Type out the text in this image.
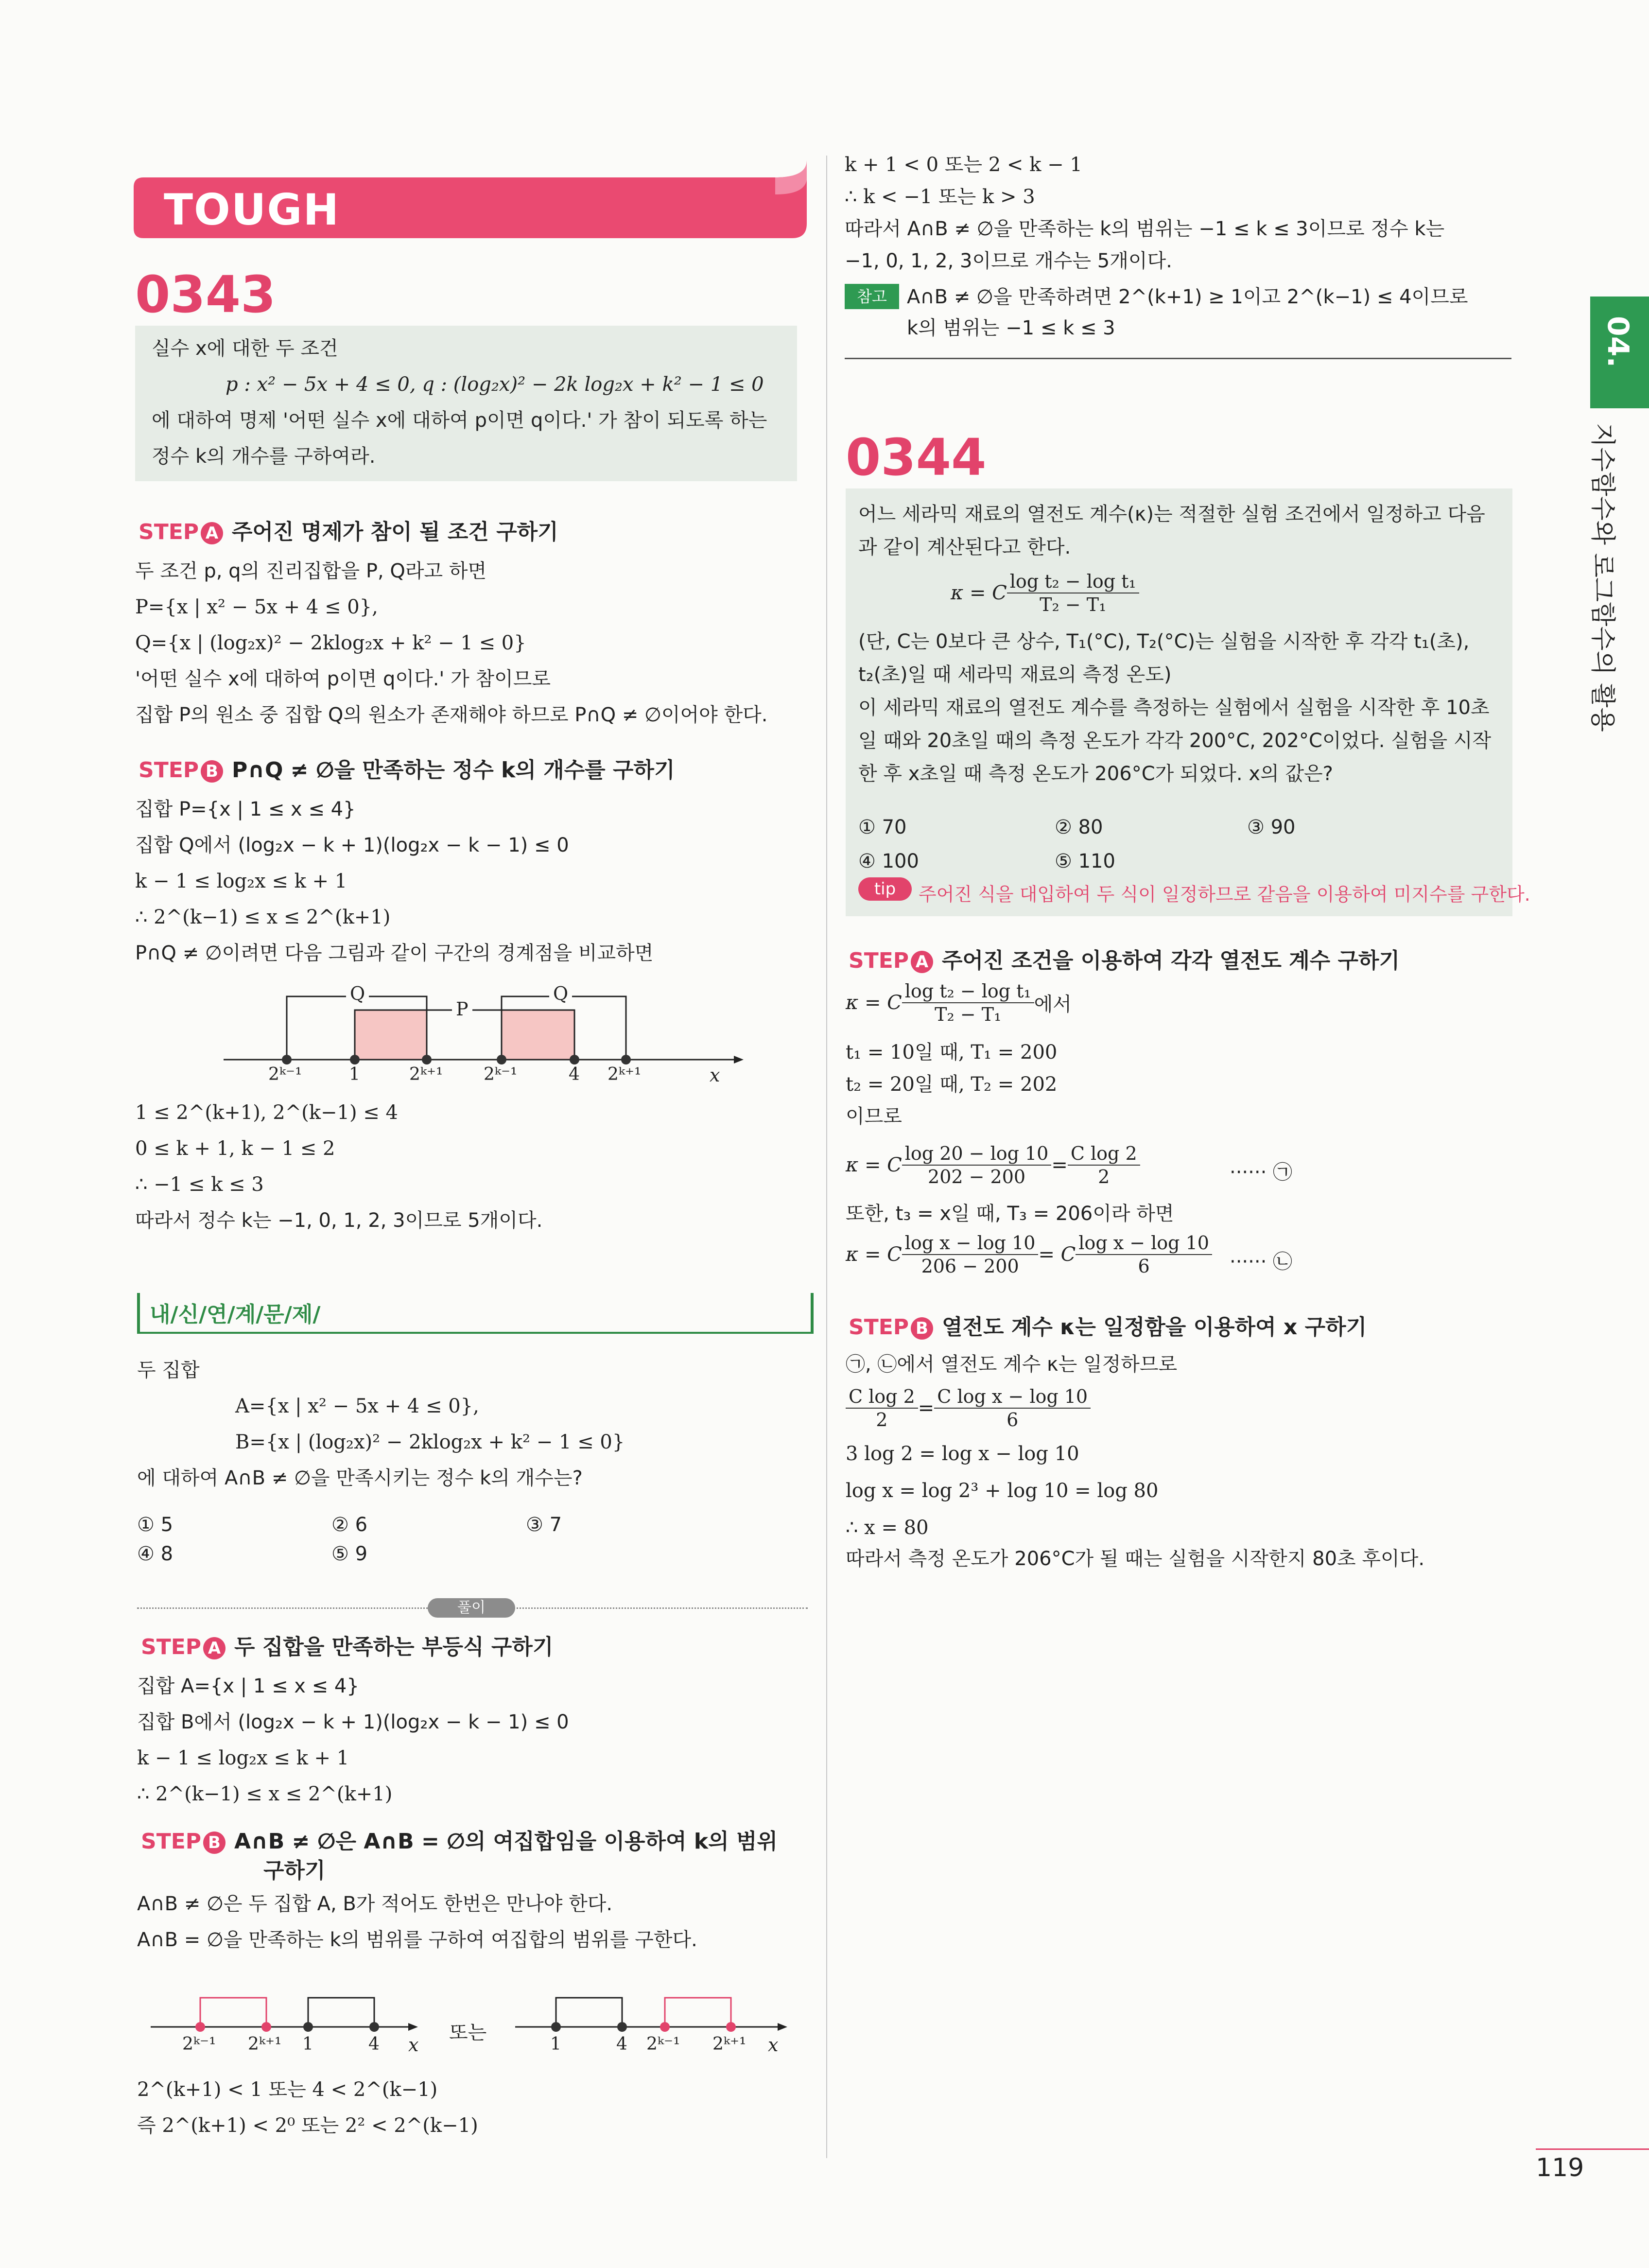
TOUGH
0343
실수 x에 대한 두 조건
p : x² − 5x + 4 ≤ 0, q : (log₂x)² − 2k log₂x + k² − 1 ≤ 0
에 대하여 명제 '어떤 실수 x에 대하여 p이면 q이다.' 가 참이 되도록 하는
정수 k의 개수를 구하여라.
STEP A 주어진 명제가 참이 될 조건 구하기
두 조건 p, q의 진리집합을 P, Q라고 하면
P={x | x² − 5x + 4 ≤ 0},
Q={x | (log₂x)² − 2klog₂x + k² − 1 ≤ 0}
'어떤 실수 x에 대하여 p이면 q이다.' 가 참이므로
집합 P의 원소 중 집합 Q의 원소가 존재해야 하므로 P∩Q ≠ ∅이어야 한다.
STEP B P∩Q ≠ ∅을 만족하는 정수 k의 개수를 구하기
집합 P={x | 1 ≤ x ≤ 4}
집합 Q에서 (log₂x − k + 1)(log₂x − k − 1) ≤ 0
k − 1 ≤ log₂x ≤ k + 1
∴ 2^(k−1) ≤ x ≤ 2^(k+1)
P∩Q ≠ ∅이려면 다음 그림과 같이 구간의 경계점을 비교하면
Q
P
Q
2ᵏ⁻¹	1	2ᵏ⁺¹ 2ᵏ⁻¹	4 2ᵏ⁺¹	x
1 ≤ 2^(k+1), 2^(k−1) ≤ 4
0 ≤ k + 1, k − 1 ≤ 2
∴ −1 ≤ k ≤ 3
따라서 정수 k는 −1, 0, 1, 2, 3이므로 5개이다.
내/신/연/계/문/제/
두 집합
A={x | x² − 5x + 4 ≤ 0},
B={x | (log₂x)² − 2klog₂x + k² − 1 ≤ 0}
에 대하여 A∩B ≠ ∅을 만족시키는 정수 k의 개수는?
① 5	② 6	③ 7
④ 8	⑤ 9
풀이
STEP A 두 집합을 만족하는 부등식 구하기
집합 A={x | 1 ≤ x ≤ 4}
집합 B에서 (log₂x − k + 1)(log₂x − k − 1) ≤ 0
k − 1 ≤ log₂x ≤ k + 1
∴ 2^(k−1) ≤ x ≤ 2^(k+1)
STEP B A∩B ≠ ∅은 A∩B = ∅의 여집합임을 이용하여 k의 범위
구하기
A∩B ≠ ∅은 두 집합 A, B가 적어도 한번은 만나야 한다.
A∩B = ∅을 만족하는 k의 범위를 구하여 여집합의 범위를 구한다.
2ᵏ⁻¹ 2ᵏ⁺¹ 1	4 x
또는
1	4 2ᵏ⁻¹ 2ᵏ⁺¹ x
2^(k+1) < 1 또는 4 < 2^(k−1)
즉 2^(k+1) < 2⁰ 또는 2² < 2^(k−1)
k + 1 < 0 또는 2 < k − 1
∴ k < −1 또는 k > 3
따라서 A∩B ≠ ∅을 만족하는 k의 범위는 −1 ≤ k ≤ 3이므로 정수 k는
−1, 0, 1, 2, 3이므로 개수는 5개이다.
참고	A∩B ≠ ∅을 만족하려면 2^(k+1) ≥ 1이고 2^(k−1) ≤ 4이므로
k의 범위는 −1 ≤ k ≤ 3
0344
어느 세라믹 재료의 열전도 계수(κ)는 적절한 실험 조건에서 일정하고 다음
과 같이 계산된다고 한다.
κ = C $\frac{\text{log t₂ − log t₁}}{\text{T₂ − T₁}}$
(단, C는 0보다 큰 상수, T₁(°C), T₂(°C)는 실험을 시작한 후 각각 t₁(초),
t₂(초)일 때 세라믹 재료의 측정 온도)
이 세라믹 재료의 열전도 계수를 측정하는 실험에서 실험을 시작한 후 10초
일 때와 20초일 때의 측정 온도가 각각 200°C, 202°C이었다. 실험을 시작
한 후 x초일 때 측정 온도가 206°C가 되었다. x의 값은?
① 70	② 80	③ 90
④ 100	⑤ 110
tip	주어진 식을 대입하여 두 식이 일정하므로 같음을 이용하여 미지수를 구한다.
STEP A 주어진 조건을 이용하여 각각 열전도 계수 구하기
κ = C $\frac{\text{log t₂ − log t₁}}{\text{T₂ − T₁}}$ 에서
t₁ = 10일 때, T₁ = 200
t₂ = 20일 때, T₂ = 202
이므로
κ = C $\frac{\log 20 - \log 10}{202 - 200} = \frac{\text{C log 2}}{2}$	······ ㉠
또한, t₃ = x일 때, T₃ = 206이라 하면
κ = C $\frac{\text{log x − log 10}}{206 - 200} = C \frac{\text{log x − log 10}}{6}$ ······ ㉡
STEP B 열전도 계수 κ는 일정함을 이용하여 x 구하기
㉠, ㉡에서 열전도 계수 κ는 일정하므로
$\frac{\text{C log 2}}{2} = \frac{\text{C log x − log 10}}{6}$
3 log 2 = log x − log 10
log x = log 2³ + log 10 = log 80
∴ x = 80
따라서 측정 온도가 206°C가 될 때는 실험을 시작한지 80초 후이다.
04.
지수함수와 로그함수의 활용
119
